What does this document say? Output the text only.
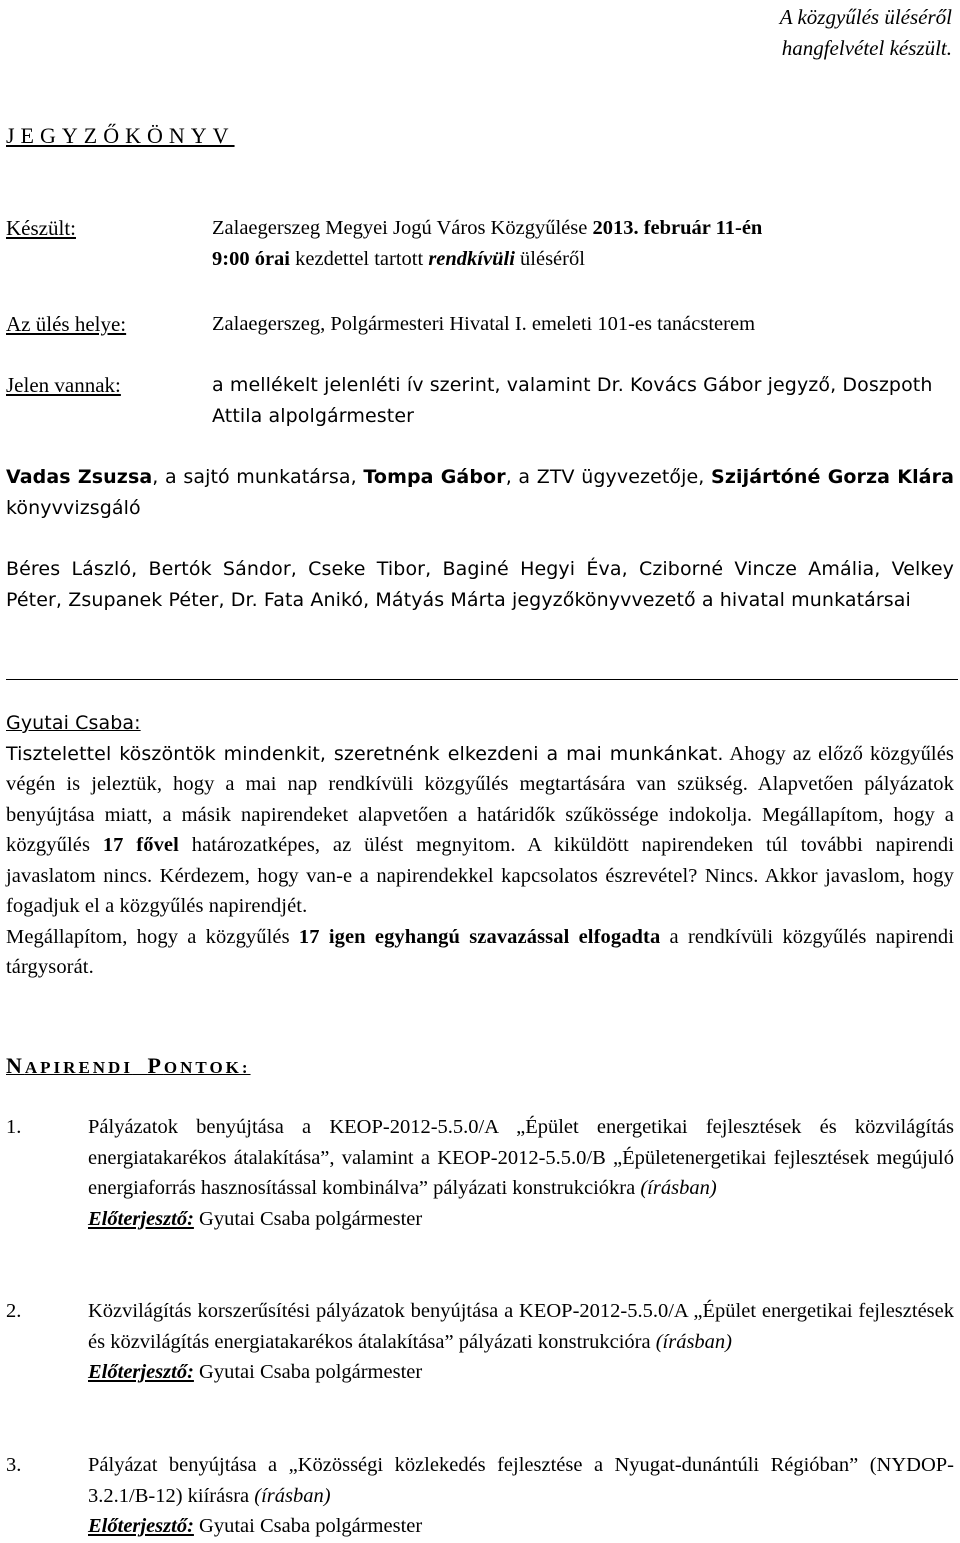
A közgyűlés üléséről
hangfelvétel készült.
JEGYZŐKÖNYV
Készült:	Zalaegerszeg Megyei Jogú Város Közgyűlése 2013. február 11-én
9:00 órai kezdettel tartott rendkívüli üléséről
Az ülés helye:	Zalaegerszeg, Polgármesteri Hivatal I. emeleti 101-es tanácsterem
Jelen vannak:	a mellékelt jelenléti ív szerint, valamint Dr. Kovács Gábor jegyző, Doszpoth Attila alpolgármester
Vadas Zsuzsa, a sajtó munkatársa, Tompa Gábor, a ZTV ügyvezetője, Szijártóné Gorza Klára könyvvizsgáló
Béres László, Bertók Sándor, Cseke Tibor, Baginé Hegyi Éva, Cziborné Vincze Amália, Velkey Péter, Zsupanek Péter, Dr. Fata Anikó, Mátyás Márta jegyzőkönyvvezető a hivatal munkatársai
Gyutai Csaba:
Tisztelettel köszöntök mindenkit, szeretnénk elkezdeni a mai munkánkat. Ahogy az előző közgyűlés végén is jeleztük, hogy a mai nap rendkívüli közgyűlés megtartására van szükség. Alapvetően pályázatok benyújtása miatt, a másik napirendeket alapvetően a határidők szűkössége indokolja. Megállapítom, hogy a közgyűlés 17 fővel határozatképes, az ülést megnyitom. A kiküldött napirendeken túl további napirendi javaslatom nincs. Kérdezem, hogy van-e a napirendekkel kapcsolatos észrevétel? Nincs. Akkor javaslom, hogy fogadjuk el a közgyűlés napirendjét.
Megállapítom, hogy a közgyűlés 17 igen egyhangú szavazással elfogadta a rendkívüli közgyűlés napirendi tárgysorát.
NAPIRENDI PONTOK:
1.	Pályázatok benyújtása a KEOP-2012-5.5.0/A „Épület energetikai fejlesztések és közvilágítás energiatakarékos átalakítása”, valamint a KEOP-2012-5.5.0/B „Épületenergetikai fejlesztések megújuló energiaforrás hasznosítással kombinálva” pályázati konstrukciókra (írásban)
Előterjesztő: Gyutai Csaba polgármester
2.	Közvilágítás korszerűsítési pályázatok benyújtása a KEOP-2012-5.5.0/A „Épület energetikai fejlesztések és közvilágítás energiatakarékos átalakítása” pályázati konstrukcióra (írásban)
Előterjesztő: Gyutai Csaba polgármester
3.	Pályázat benyújtása a „Közösségi közlekedés fejlesztése a Nyugat-dunántúli Régióban” (NYDOP-3.2.1/B-12) kiírásra (írásban)
Előterjesztő: Gyutai Csaba polgármester
